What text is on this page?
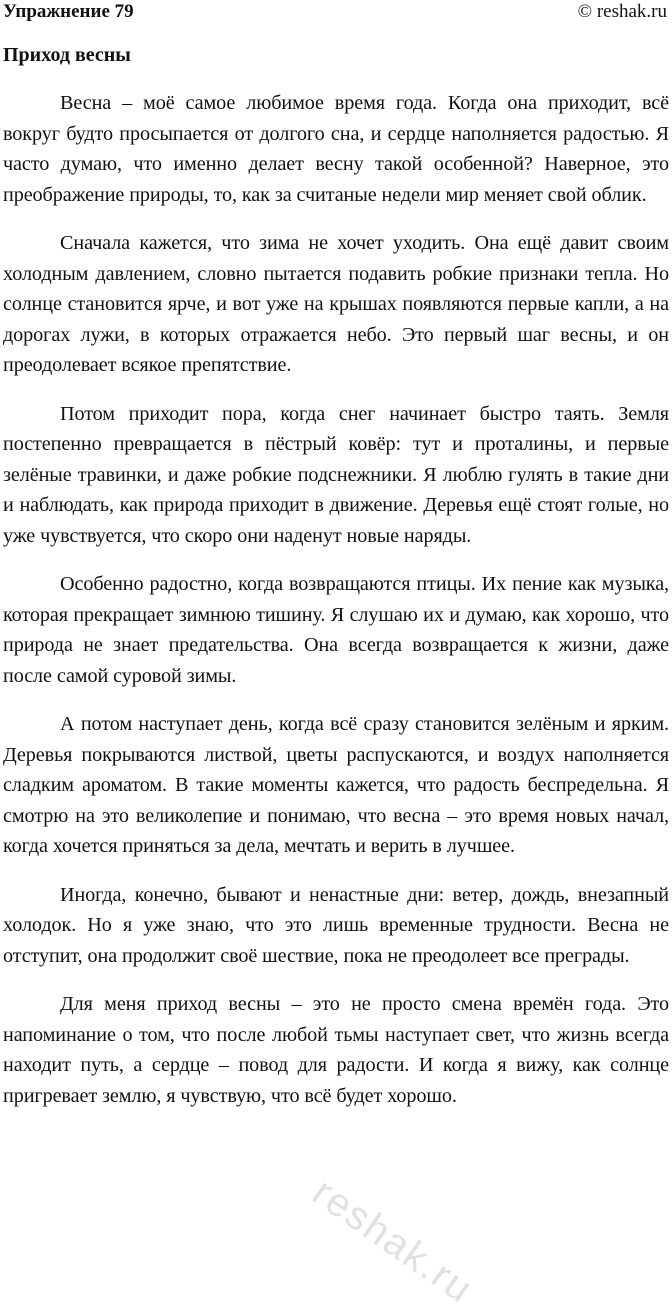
Упражнение 79	© reshak.ru
Приход весны

Весна – моё самое любимое время года. Когда она приходит, всё вокруг будто просыпается от долгого сна, и сердце наполняется радостью. Я часто думаю, что именно делает весну такой особенной? Наверное, это преображение природы, то, как за считаные недели мир меняет свой облик.

Сначала кажется, что зима не хочет уходить. Она ещё давит своим холодным давлением, словно пытается подавить робкие признаки тепла. Но солнце становится ярче, и вот уже на крышах появляются первые капли, а на дорогах лужи, в которых отражается небо. Это первый шаг весны, и он преодолевает всякое препятствие.

Потом приходит пора, когда снег начинает быстро таять. Земля постепенно превращается в пёстрый ковёр: тут и проталины, и первые зелёные травинки, и даже робкие подснежники. Я люблю гулять в такие дни и наблюдать, как природа приходит в движение. Деревья ещё стоят голые, но уже чувствуется, что скоро они наденут новые наряды.

Особенно радостно, когда возвращаются птицы. Их пение как музыка, которая прекращает зимнюю тишину. Я слушаю их и думаю, как хорошо, что природа не знает предательства. Она всегда возвращается к жизни, даже после самой суровой зимы.

А потом наступает день, когда всё сразу становится зелёным и ярким. Деревья покрываются листвой, цветы распускаются, и воздух наполняется сладким ароматом. В такие моменты кажется, что радость беспредельна. Я смотрю на это великолепие и понимаю, что весна – это время новых начал, когда хочется приняться за дела, мечтать и верить в лучшее.

Иногда, конечно, бывают и ненастные дни: ветер, дождь, внезапный холодок. Но я уже знаю, что это лишь временные трудности. Весна не отступит, она продолжит своё шествие, пока не преодолеет все преграды.

Для меня приход весны – это не просто смена времён года. Это напоминание о том, что после любой тьмы наступает свет, что жизнь всегда находит путь, а сердце – повод для радости. И когда я вижу, как солнце пригревает землю, я чувствую, что всё будет хорошо.

reshak.ru
